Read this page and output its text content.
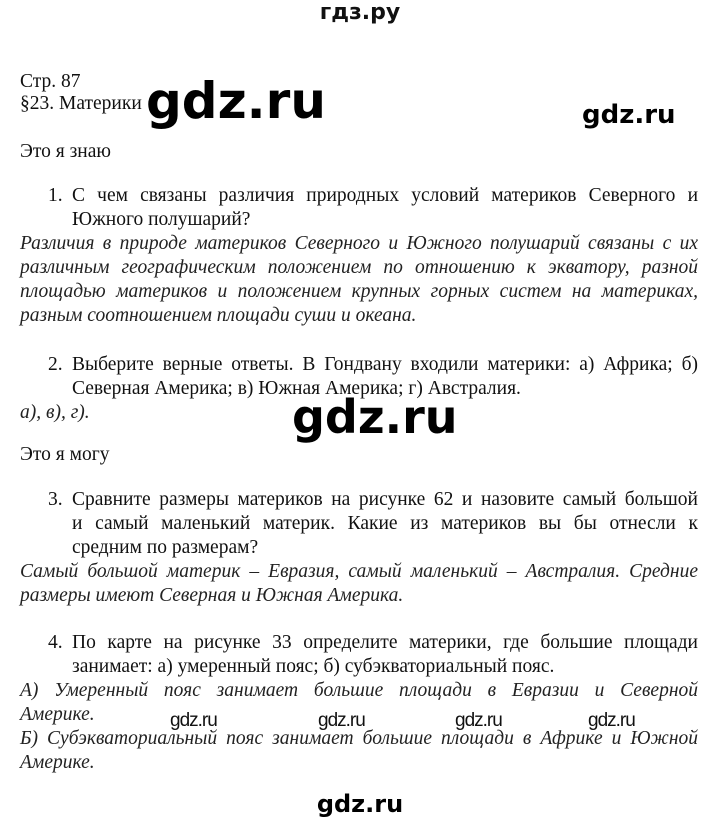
гдз.ру
Стр. 87
§23. Материки gdz.ru	gdz.ru
Это я знаю
1. С чем связаны различия природных условий материков Северного и
Южного полушарий?
Различия в природе материков Северного и Южного полушарий связаны с их
различным географическим положением по отношению к экватору, разной
площадью материков и положением крупных горных систем на материках,
разным соотношением площади суши и океана.
2. Выберите верные ответы. В Гондвану входили материки: а) Африка; б)
Северная Америка; в) Южная Америка; г) Австралия.
а), в), г).	gdz.ru
Это я могу
3. Сравните размеры материков на рисунке 62 и назовите самый большой
и самый маленький материк. Какие из материков вы бы отнесли к
средним по размерам?
Самый большой материк – Евразия, самый маленький – Австралия. Средние
размеры имеют Северная и Южная Америка.
4. По карте на рисунке 33 определите материки, где большие площади
занимает: а) умеренный пояс; б) субэкваториальный пояс.
А) Умеренный пояс занимает большие площади в Евразии и Северной
Америке.
Б) Субэкваториальный пояс занимает большие площади в Африке и Южной
Америке.
gdz.ru	gdz.ru	gdz.ru	gdz.ru
gdz.ru
